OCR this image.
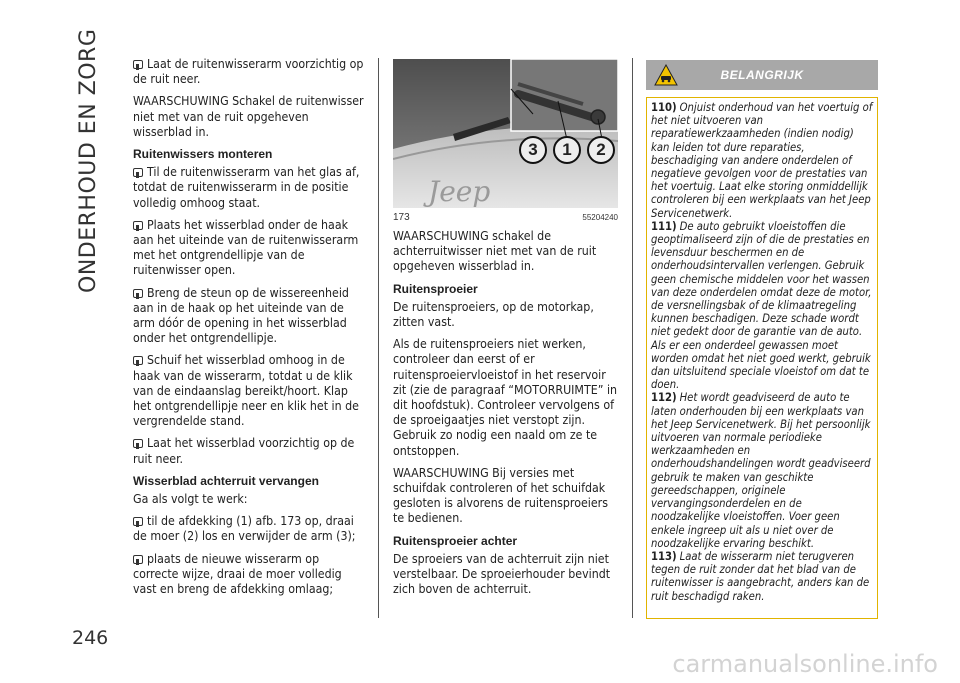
ONDERHOUD EN ZORG
246

Laat de ruitenwisserarm voorzichtig op de ruit neer.

WAARSCHUWING Schakel de ruitenwisser niet met van de ruit opgeheven wisserblad in.

Ruitenwissers monteren

Til de ruitenwisserarm van het glas af, totdat de ruitenwisserarm in de positie volledig omhoog staat.

Plaats het wisserblad onder de haak aan het uiteinde van de ruitenwisserarm met het ontgrendellipje van de ruitenwisser open.

Breng de steun op de wissereenheid aan in de haak op het uiteinde van de arm dóór de opening in het wisserblad onder het ontgrendellipje.

Schuif het wisserblad omhoog in de haak van de wisserarm, totdat u de klik van de eindaanslag bereikt/hoort. Klap het ontgrendellipje neer en klik het in de vergrendelde stand.

Laat het wisserblad voorzichtig op de ruit neer.

Wisserblad achterruit vervangen

Ga als volgt te werk:

til de afdekking (1) afb. 173 op, draai de moer (2) los en verwijder de arm (3);

plaats de nieuwe wisserarm op correcte wijze, draai de moer volledig vast en breng de afdekking omlaag;

Jeep
3	1	2
173	55204240

WAARSCHUWING schakel de achterruitwisser niet met van de ruit opgeheven wisserblad in.

Ruitensproeier

De ruitensproeiers, op de motorkap, zitten vast.

Als de ruitensproeiers niet werken, controleer dan eerst of er ruitensproeiervloeistof in het reservoir zit (zie de paragraaf “MOTORRUIMTE” in dit hoofdstuk). Controleer vervolgens of de sproeigaatjes niet verstopt zijn. Gebruik zo nodig een naald om ze te ontstoppen.

WAARSCHUWING Bij versies met schuifdak controleren of het schuifdak gesloten is alvorens de ruitensproeiers te bedienen.

Ruitensproeier achter

De sproeiers van de achterruit zijn niet verstelbaar. De sproeierhouder bevindt zich boven de achterruit.

BELANGRIJK

110) Onjuist onderhoud van het voertuig of het niet uitvoeren van reparatiewerkzaamheden (indien nodig) kan leiden tot dure reparaties, beschadiging van andere onderdelen of negatieve gevolgen voor de prestaties van het voertuig. Laat elke storing onmiddellijk controleren bij een werkplaats van het Jeep Servicenetwerk.

111) De auto gebruikt vloeistoffen die geoptimaliseerd zijn of die de prestaties en levensduur beschermen en de onderhoudsintervallen verlengen. Gebruik geen chemische middelen voor het wassen van deze onderdelen omdat deze de motor, de versnellingsbak of de klimaatregeling kunnen beschadigen. Deze schade wordt niet gedekt door de garantie van de auto. Als er een onderdeel gewassen moet worden omdat het niet goed werkt, gebruik dan uitsluitend speciale vloeistof om dat te doen.

112) Het wordt geadviseerd de auto te laten onderhouden bij een werkplaats van het Jeep Servicenetwerk. Bij het persoonlijk uitvoeren van normale periodieke werkzaamheden en onderhoudshandelingen wordt geadviseerd gebruik te maken van geschikte gereedschappen, originele vervangingsonderdelen en de noodzakelijke vloeistoffen. Voer geen enkele ingreep uit als u niet over de noodzakelijke ervaring beschikt.

113) Laat de wisserarm niet terugveren tegen de ruit zonder dat het blad van de ruitenwisser is aangebracht, anders kan de ruit beschadigd raken.

carmanualsonline.info
